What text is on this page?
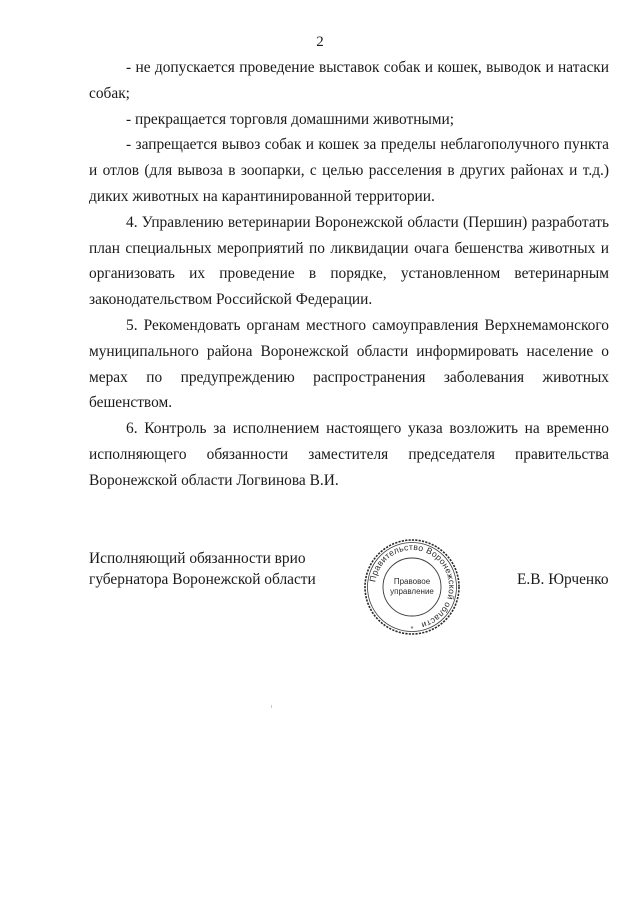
2

- не допускается проведение выставок собак и кошек, выводок и натаски собак;

- прекращается торговля домашними животными;

- запрещается вывоз собак и кошек за пределы неблагополучного пункта и отлов (для вывоза в зоопарки, с целью расселения в других районах и т.д.) диких животных на карантинированной территории.

4. Управлению ветеринарии Воронежской области (Першин) разработать план специальных мероприятий по ликвидации очага бешенства животных и организовать их проведение в порядке, установленном ветеринарным законодательством Российской Федерации.

5. Рекомендовать органам местного самоуправления Верхнемамонского муниципального района Воронежской области информировать население о мерах по предупреждению распространения заболевания животных бешенством.

6. Контроль за исполнением настоящего указа возложить на временно исполняющего обязанности заместителя председателя правительства Воронежской области Логвинова В.И.

Исполняющий обязанности врио
губернатора Воронежской области	Правительство Воронежской области
Правовое
управление
*
Е.В. Юрченко
